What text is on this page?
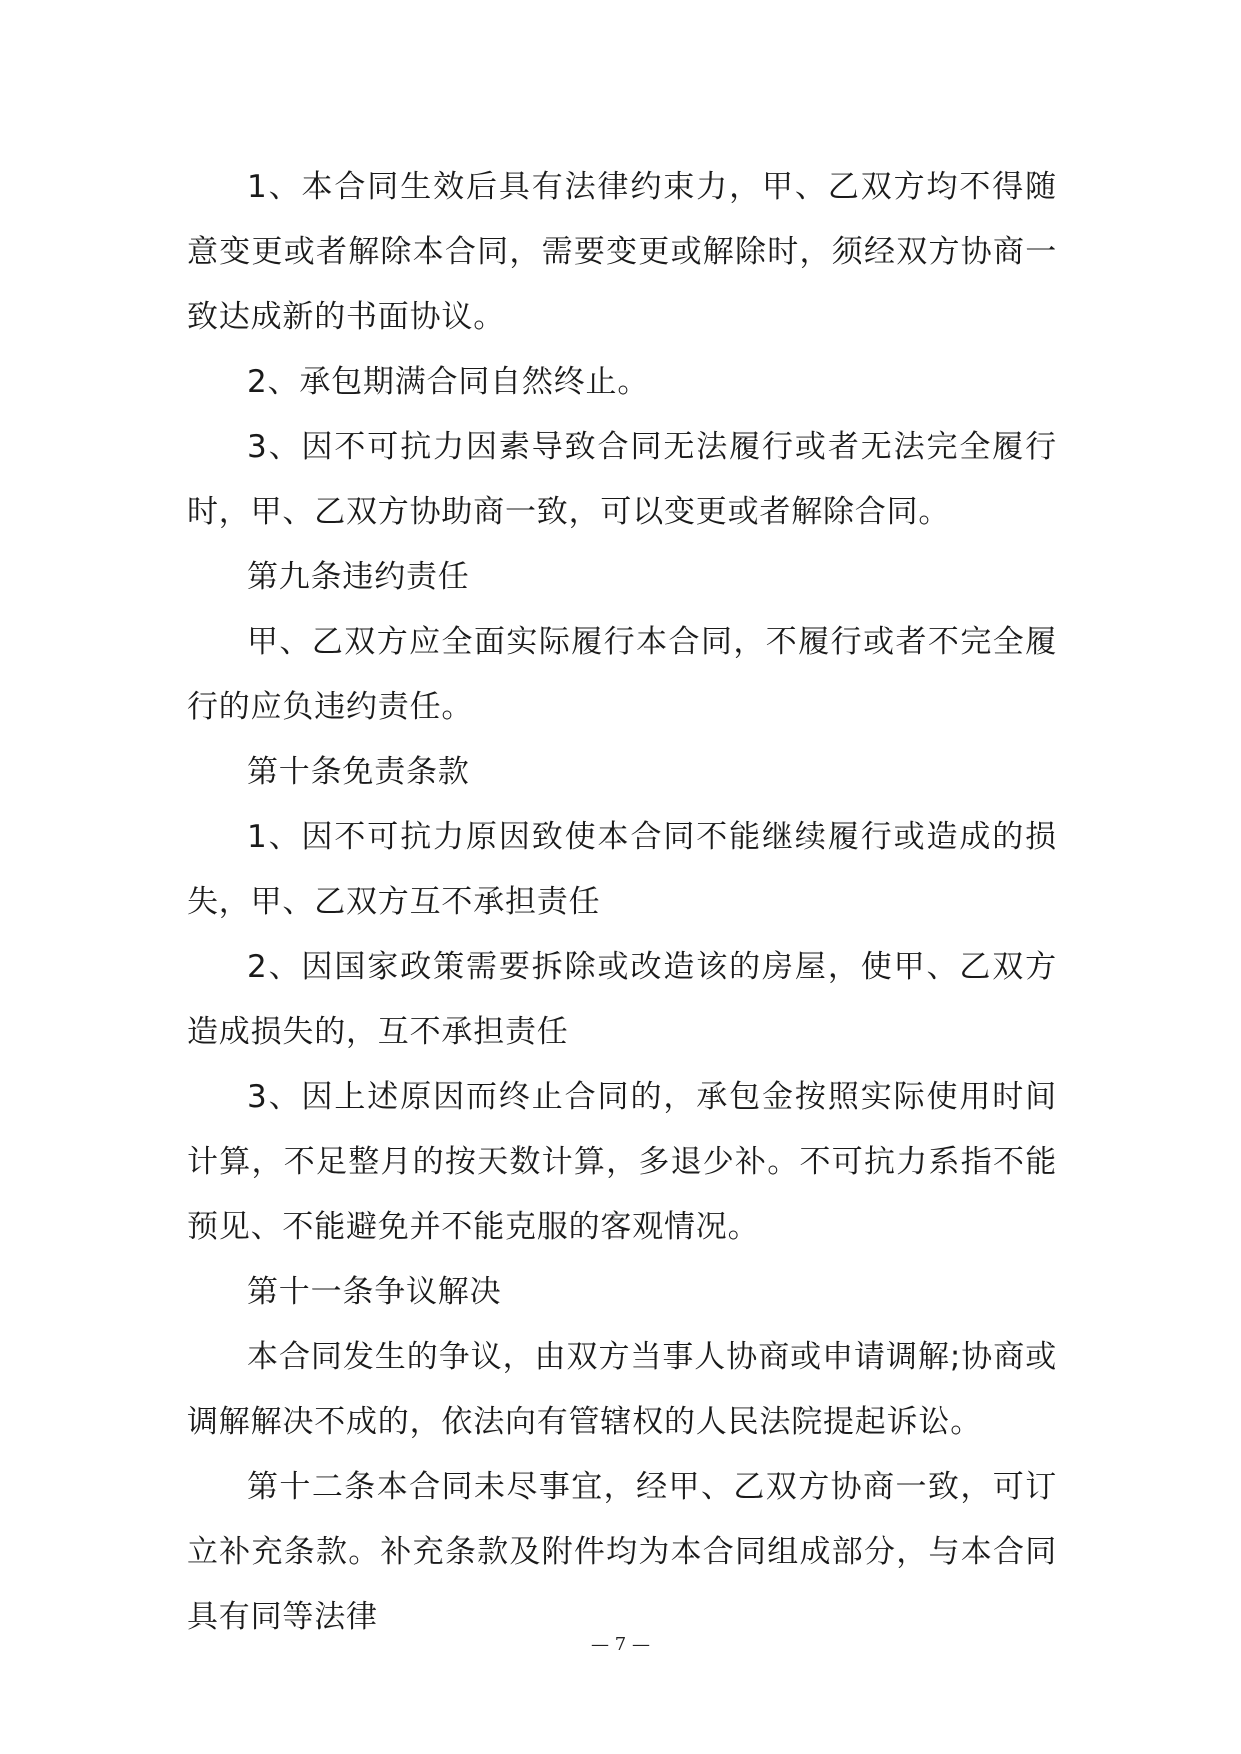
1、本合同生效后具有法律约束力，甲、乙双方均不得随意变更或者解除本合同，需要变更或解除时，须经双方协商一致达成新的书面协议。

2、承包期满合同自然终止。

3、因不可抗力因素导致合同无法履行或者无法完全履行时，甲、乙双方协助商一致，可以变更或者解除合同。

第九条违约责任

甲、乙双方应全面实际履行本合同，不履行或者不完全履行的应负违约责任。

第十条免责条款

1、因不可抗力原因致使本合同不能继续履行或造成的损失，甲、乙双方互不承担责任

2、因国家政策需要拆除或改造该的房屋，使甲、乙双方造成损失的，互不承担责任

3、因上述原因而终止合同的，承包金按照实际使用时间计算，不足整月的按天数计算，多退少补。不可抗力系指不能预见、不能避免并不能克服的客观情况。

第十一条争议解决

本合同发生的争议，由双方当事人协商或申请调解;协商或调解解决不成的，依法向有管辖权的人民法院提起诉讼。

第十二条本合同未尽事宜，经甲、乙双方协商一致，可订立补充条款。补充条款及附件均为本合同组成部分，与本合同具有同等法律

— 7 —
